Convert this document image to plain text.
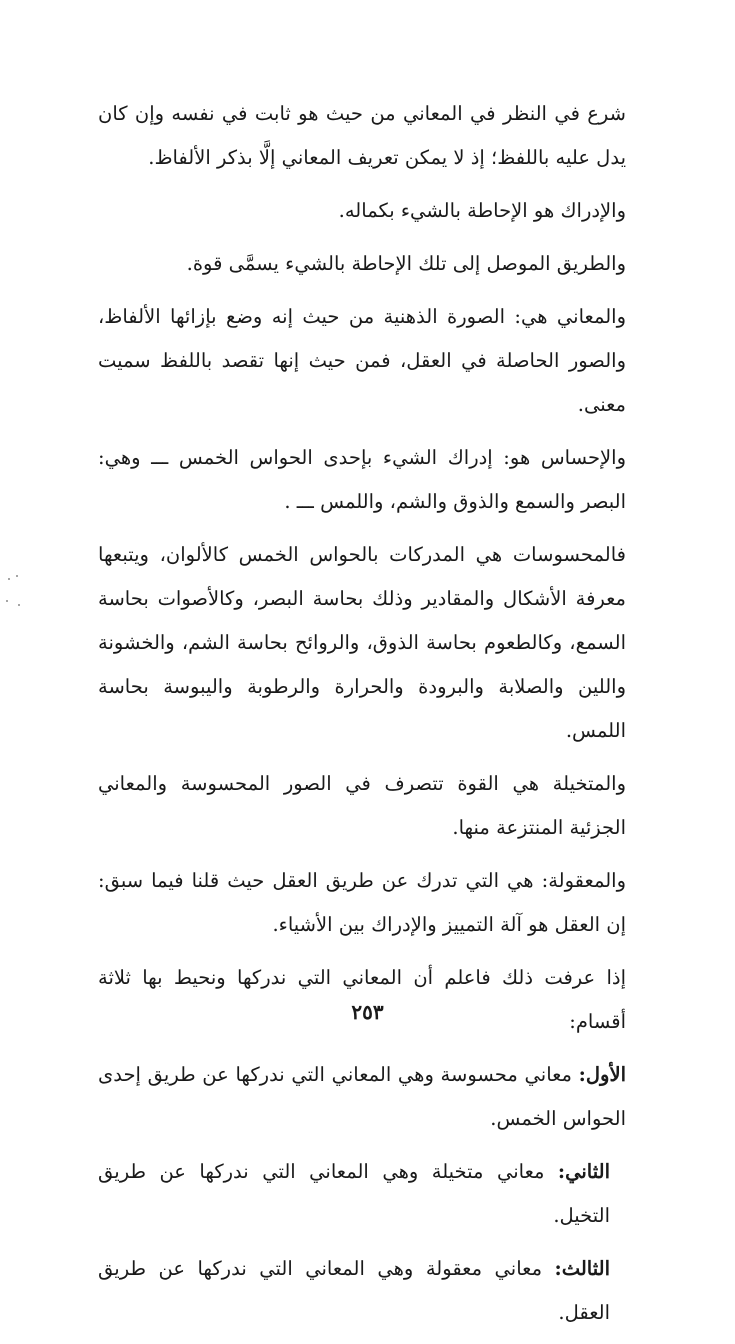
شرع في النظر في المعاني من حيث هو ثابت في نفسه وإن كان يدل عليه باللفظ؛ إذ لا يمكن تعريف المعاني إلَّا بذكر الألفاظ.

والإدراك هو الإحاطة بالشيء بكماله.

والطريق الموصل إلى تلك الإحاطة بالشيء يسمَّى قوة.

والمعاني هي: الصورة الذهنية من حيث إنه وضع بإزائها الألفاظ، والصور الحاصلة في العقل، فمن حيث إنها تقصد باللفظ سميت معنى.

والإحساس هو: إدراك الشيء بإحدى الحواس الخمس ـــ وهي: البصر والسمع والذوق والشم، واللمس ـــ .

فالمحسوسات هي المدركات بالحواس الخمس كالألوان، ويتبعها معرفة الأشكال والمقادير وذلك بحاسة البصر، وكالأصوات بحاسة السمع، وكالطعوم بحاسة الذوق، والروائح بحاسة الشم، والخشونة واللين والصلابة والبرودة والحرارة والرطوبة واليبوسة بحاسة اللمس.

والمتخيلة هي القوة تتصرف في الصور المحسوسة والمعاني الجزئية المنتزعة منها.

والمعقولة: هي التي تدرك عن طريق العقل حيث قلنا فيما سبق: إن العقل هو آلة التمييز والإدراك بين الأشياء.

إذا عرفت ذلك فاعلم أن المعاني التي ندركها ونحيط بها ثلاثة أقسام:

الأول: معاني محسوسة وهي المعاني التي ندركها عن طريق إحدى الحواس الخمس.

الثاني: معاني متخيلة وهي المعاني التي ندركها عن طريق التخيل.

الثالث: معاني معقولة وهي المعاني التي ندركها عن طريق العقل.

٢٥٣
